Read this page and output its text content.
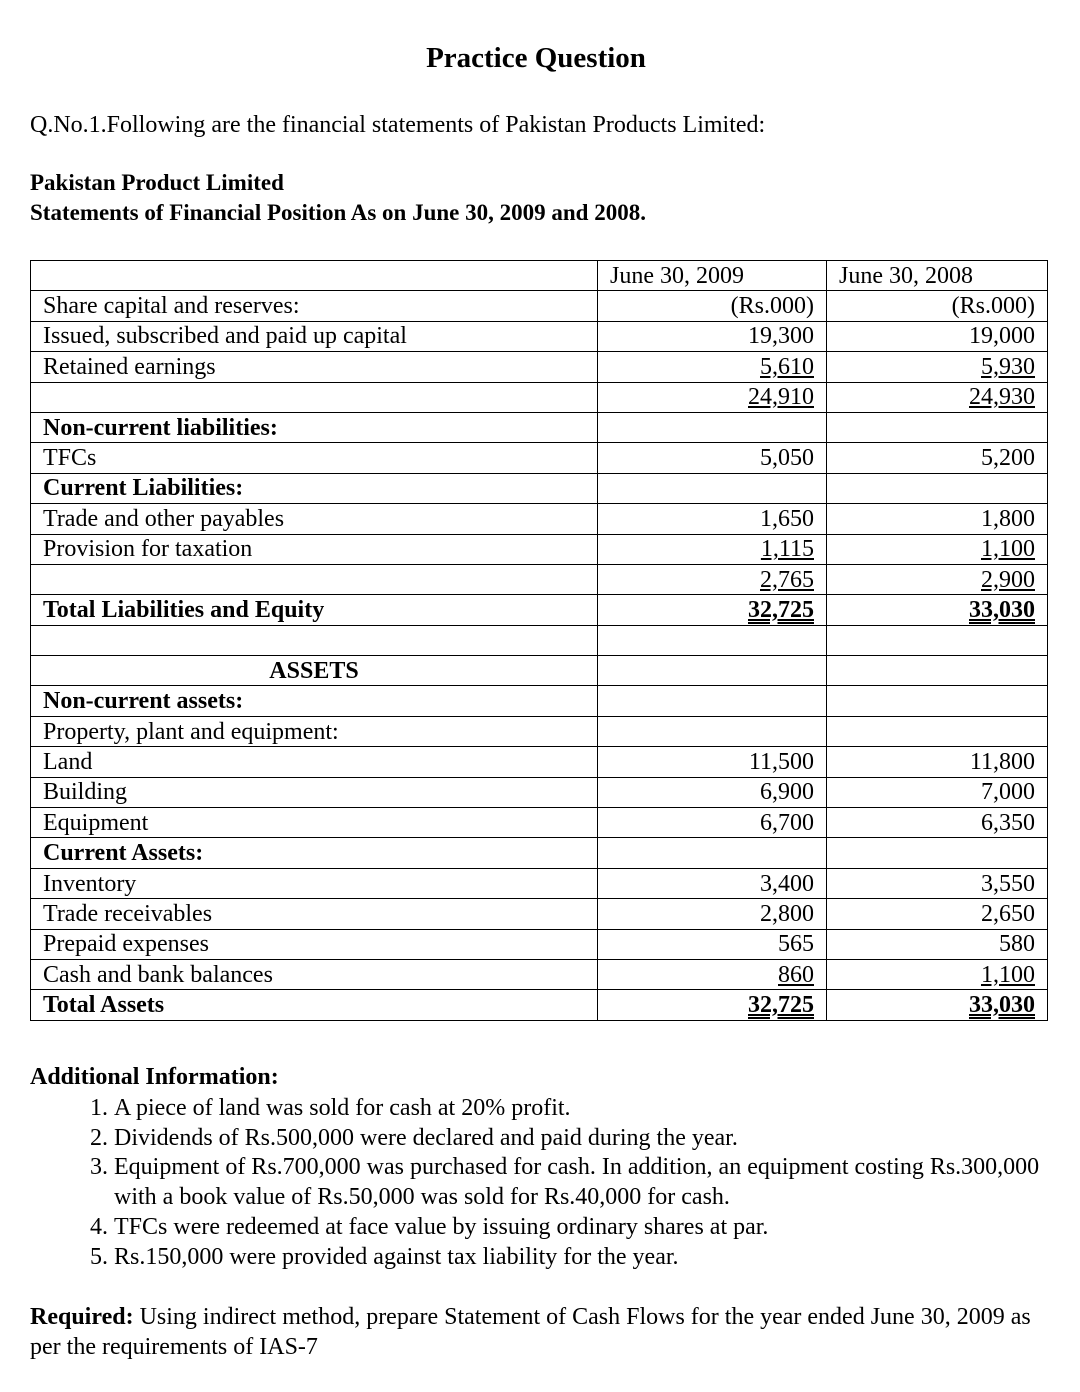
Practice Question
Q.No.1.Following are the financial statements of Pakistan Products Limited:
Pakistan Product Limited
Statements of Financial Position As on June 30, 2009 and 2008.
	June 30, 2009	June 30, 2008
Share capital and reserves:	(Rs.000)	(Rs.000)
Issued, subscribed and paid up capital	19,300	19,000
Retained earnings	5,610	5,930
	24,910	24,930
Non-current liabilities:		
TFCs	5,050	5,200
Current Liabilities:		
Trade and other payables	1,650	1,800
Provision for taxation	1,115	1,100
	2,765	2,900
Total Liabilities and Equity	32,725	33,030

ASSETS		
Non-current assets:		
Property, plant and equipment:		
Land	11,500	11,800
Building	6,900	7,000
Equipment	6,700	6,350
Current Assets:		
Inventory	3,400	3,550
Trade receivables	2,800	2,650
Prepaid expenses	565	580
Cash and bank balances	860	1,100
Total Assets	32,725	33,030
Additional Information:
1. A piece of land was sold for cash at 20% profit.
2. Dividends of Rs.500,000 were declared and paid during the year.
3. Equipment of Rs.700,000 was purchased for cash. In addition, an equipment costing Rs.300,000 with a book value of Rs.50,000 was sold for Rs.40,000 for cash.
4. TFCs were redeemed at face value by issuing ordinary shares at par.
5. Rs.150,000 were provided against tax liability for the year.
Required: Using indirect method, prepare Statement of Cash Flows for the year ended June 30, 2009 as per the requirements of IAS-7
